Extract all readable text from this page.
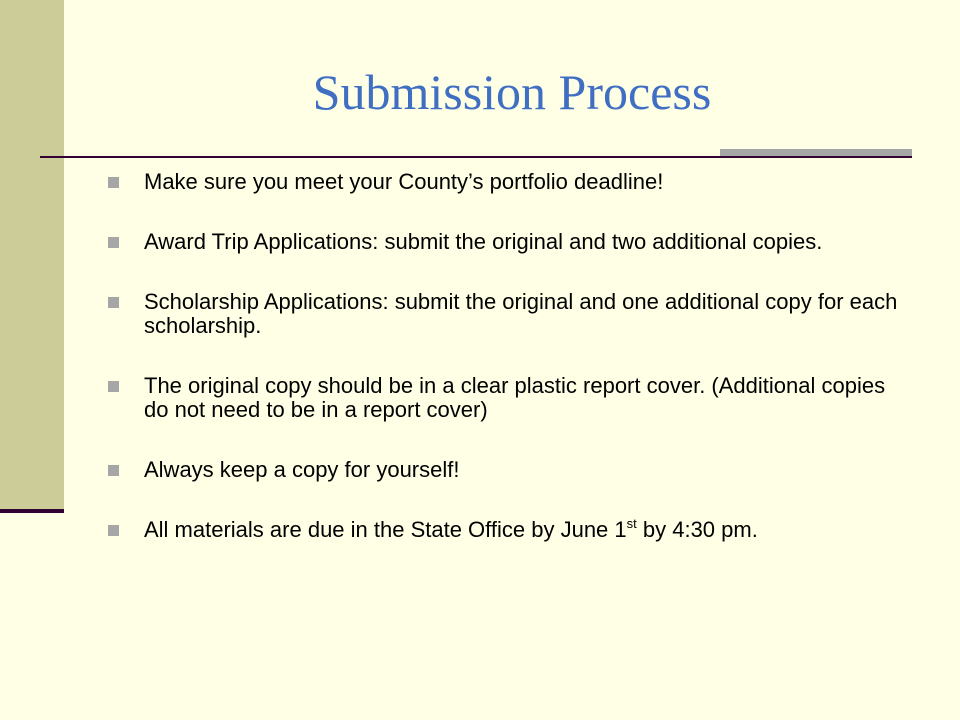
Submission Process
Make sure you meet your County’s portfolio deadline!
Award Trip Applications: submit the original and two additional copies.
Scholarship Applications: submit the original and one additional copy for each scholarship.
The original copy should be in a clear plastic report cover. (Additional copies do not need to be in a report cover)
Always keep a copy for yourself!
All materials are due in the State Office by June 1st by 4:30 pm.
